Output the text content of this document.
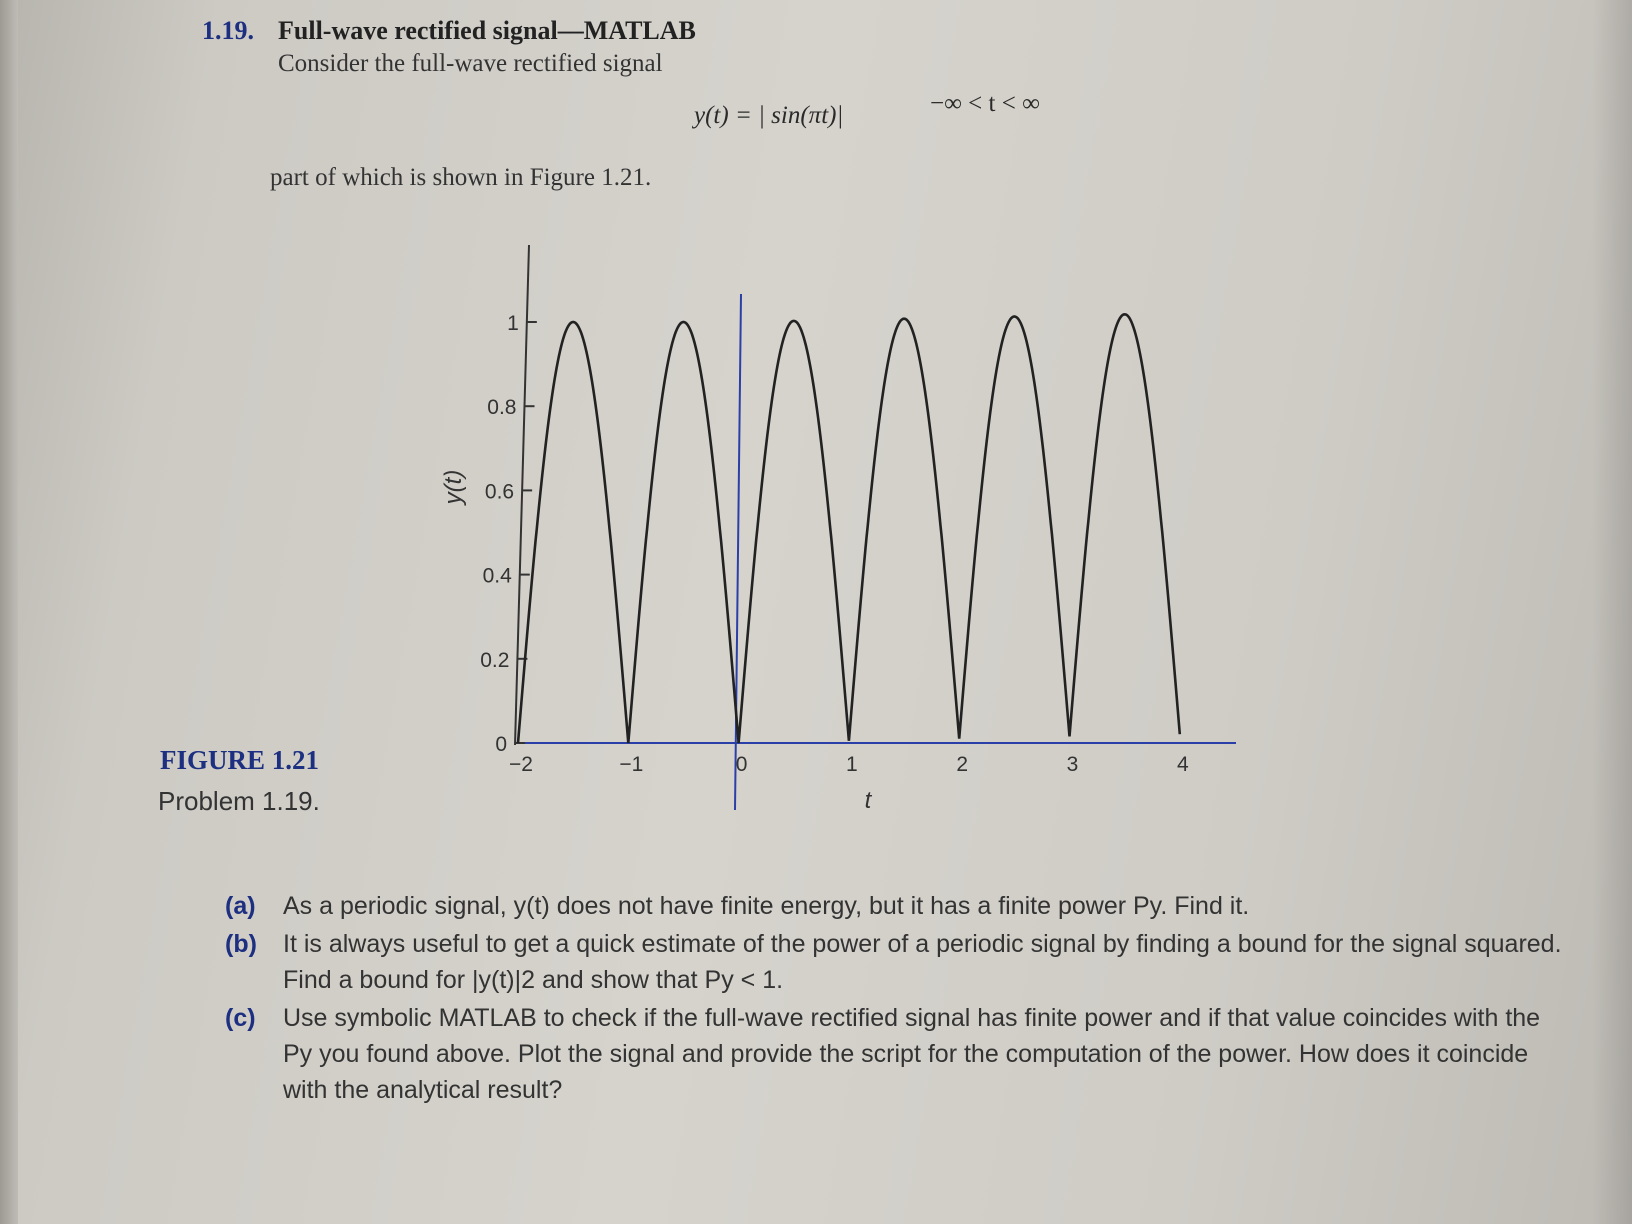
1.19. Full-wave rectified signal—MATLAB
Consider the full-wave rectified signal
y(t) = | sin(πt)|	−∞ < t < ∞
part of which is shown in Figure 1.21.
0
0.2
0.4
0.6
0.8
1
−2	−1	0	1	2	3	4
y(t)
t
FIGURE 1.21
Problem 1.19.
(a) As a periodic signal, y(t) does not have finite energy, but it has a finite power Py. Find it.
(b) It is always useful to get a quick estimate of the power of a periodic signal by finding a bound for the signal squared. Find a bound for |y(t)|2 and show that Py < 1.
(c) Use symbolic MATLAB to check if the full-wave rectified signal has finite power and if that value coincides with the Py you found above. Plot the signal and provide the script for the computation of the power. How does it coincide with the analytical result?
